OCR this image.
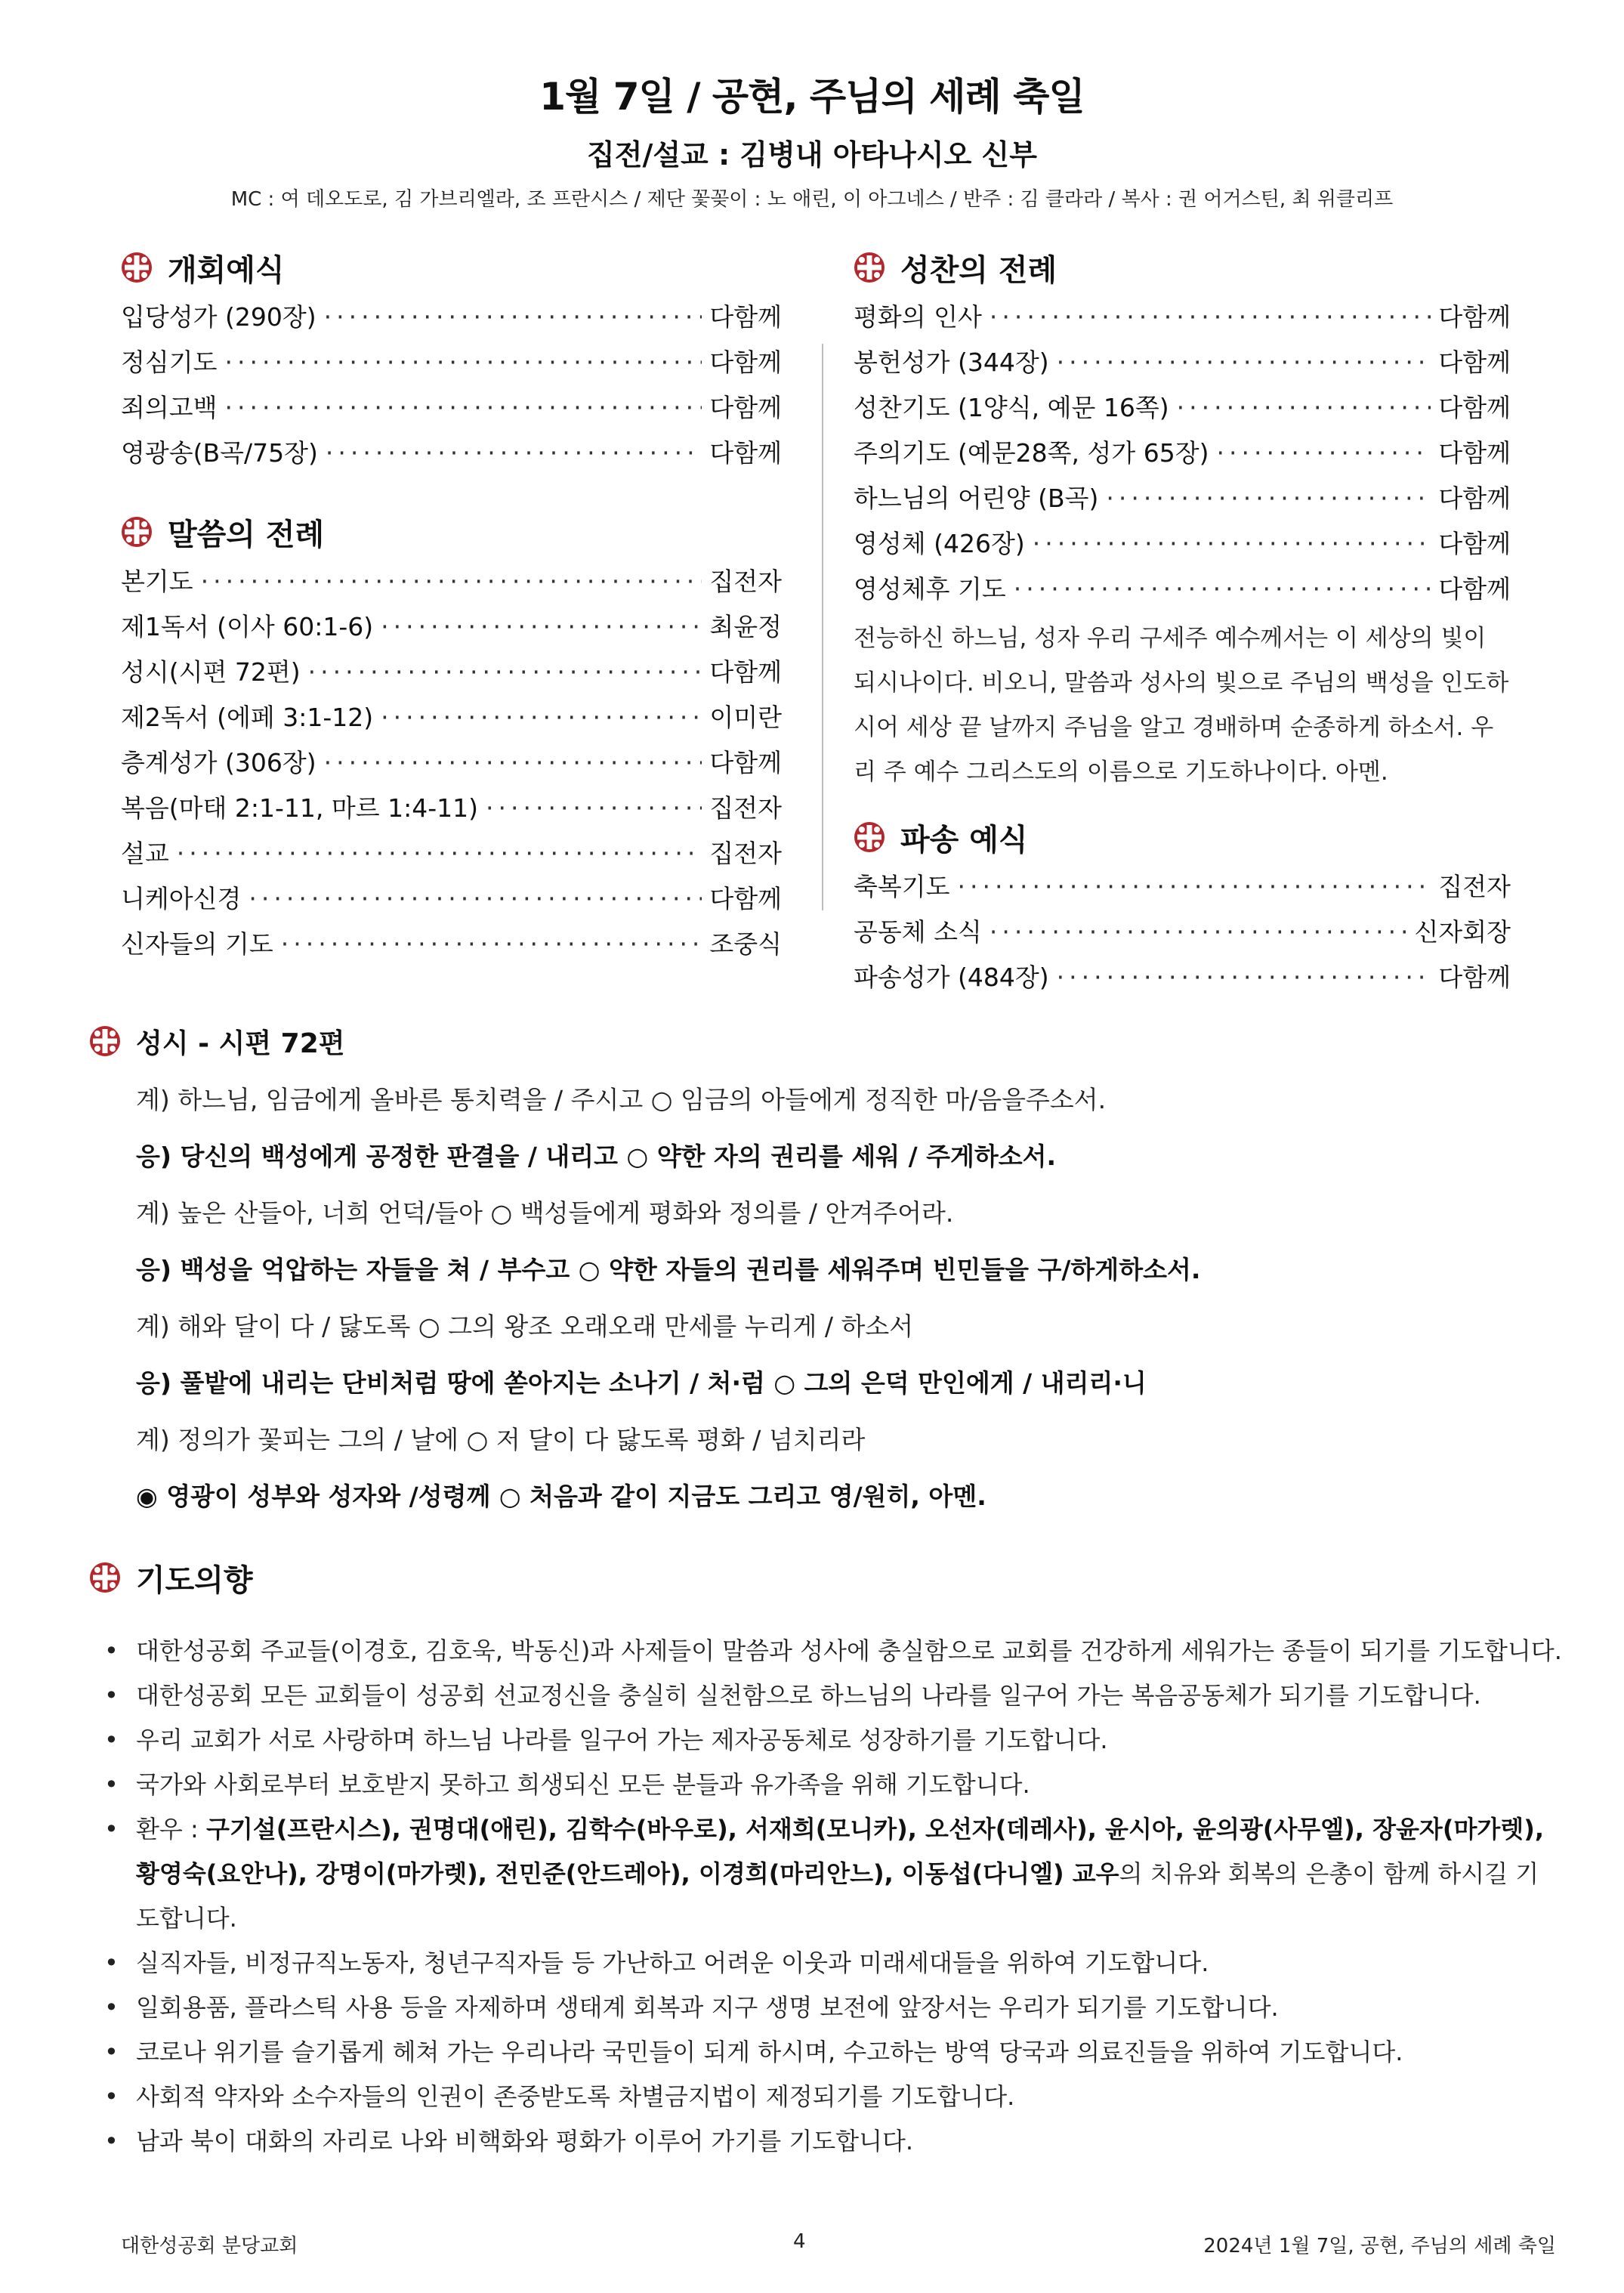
1월 7일 / 공현, 주님의 세례 축일
집전/설교 : 김병내 아타나시오 신부
MC : 여 데오도로, 김 가브리엘라, 조 프란시스 / 제단 꽃꽂이 : 노 애린, 이 아그네스 / 반주 : 김 클라라 / 복사 : 권 어거스틴, 최 위클리프
개회예식
입당성가 (290장) ·····	다함께
정심기도 ·····	다함께
죄의고백 ·····	다함께
영광송(B곡/75장) ·····	다함께
말씀의 전례
본기도 ·····	집전자
제1독서 (이사 60:1-6) ·····	최윤정
성시(시편 72편) ·····	다함께
제2독서 (에페 3:1-12) ·····	이미란
층계성가 (306장) ·····	다함께
복음(마태 2:1-11, 마르 1:4-11) ·····	집전자
설교 ·····	집전자
니케아신경 ·····	다함께
신자들의 기도 ·····	조중식
성찬의 전례
평화의 인사 ·····	다함께
봉헌성가 (344장) ·····	다함께
성찬기도 (1양식, 예문 16쪽) ·····	다함께
주의기도 (예문28쪽, 성가 65장) ·····	다함께
하느님의 어린양 (B곡) ·····	다함께
영성체 (426장) ·····	다함께
영성체후 기도 ·····	다함께
전능하신 하느님, 성자 우리 구세주 예수께서는 이 세상의 빛이 되시나이다. 비오니, 말씀과 성사의 빛으로 주님의 백성을 인도하시어 세상 끝 날까지 주님을 알고 경배하며 순종하게 하소서. 우리 주 예수 그리스도의 이름으로 기도하나이다. 아멘.
파송 예식
축복기도 ·····	집전자
공동체 소식 ·····	신자회장
파송성가 (484장) ·····	다함께
성시 - 시편 72편
계) 하느님, 임금에게 올바른 통치력을 / 주시고 ○ 임금의 아들에게 정직한 마/음을주소서.
응) 당신의 백성에게 공정한 판결을 / 내리고 ○ 약한 자의 권리를 세워 / 주게하소서.
계) 높은 산들아, 너희 언덕/들아 ○ 백성들에게 평화와 정의를 / 안겨주어라.
응) 백성을 억압하는 자들을 쳐 / 부수고 ○ 약한 자들의 권리를 세워주며 빈민들을 구/하게하소서.
계) 해와 달이 다 / 닳도록 ○ 그의 왕조 오래오래 만세를 누리게 / 하소서
응) 풀밭에 내리는 단비처럼 땅에 쏟아지는 소나기 / 처·럼 ○ 그의 은덕 만인에게 / 내리리·니
계) 정의가 꽃피는 그의 / 날에 ○ 저 달이 다 닳도록 평화 / 넘치리라
◉ 영광이 성부와 성자와 /성령께 ○ 처음과 같이 지금도 그리고 영/원히, 아멘.
기도의향
• 대한성공회 주교들(이경호, 김호욱, 박동신)과 사제들이 말씀과 성사에 충실함으로 교회를 건강하게 세워가는 종들이 되기를 기도합니다.
• 대한성공회 모든 교회들이 성공회 선교정신을 충실히 실천함으로 하느님의 나라를 일구어 가는 복음공동체가 되기를 기도합니다.
• 우리 교회가 서로 사랑하며 하느님 나라를 일구어 가는 제자공동체로 성장하기를 기도합니다.
• 국가와 사회로부터 보호받지 못하고 희생되신 모든 분들과 유가족을 위해 기도합니다.
• 환우 : 구기설(프란시스), 권명대(애린), 김학수(바우로), 서재희(모니카), 오선자(데레사), 윤시아, 윤의광(사무엘), 장윤자(마가렛), 황영숙(요안나), 강명이(마가렛), 전민준(안드레아), 이경희(마리안느), 이동섭(다니엘) 교우의 치유와 회복의 은총이 함께 하시길 기도합니다.
• 실직자들, 비정규직노동자, 청년구직자들 등 가난하고 어려운 이웃과 미래세대들을 위하여 기도합니다.
• 일회용품, 플라스틱 사용 등을 자제하며 생태계 회복과 지구 생명 보전에 앞장서는 우리가 되기를 기도합니다.
• 코로나 위기를 슬기롭게 헤쳐 가는 우리나라 국민들이 되게 하시며, 수고하는 방역 당국과 의료진들을 위하여 기도합니다.
• 사회적 약자와 소수자들의 인권이 존중받도록 차별금지법이 제정되기를 기도합니다.
• 남과 북이 대화의 자리로 나와 비핵화와 평화가 이루어 가기를 기도합니다.
대한성공회 분당교회	4	2024년 1월 7일, 공현, 주님의 세례 축일
